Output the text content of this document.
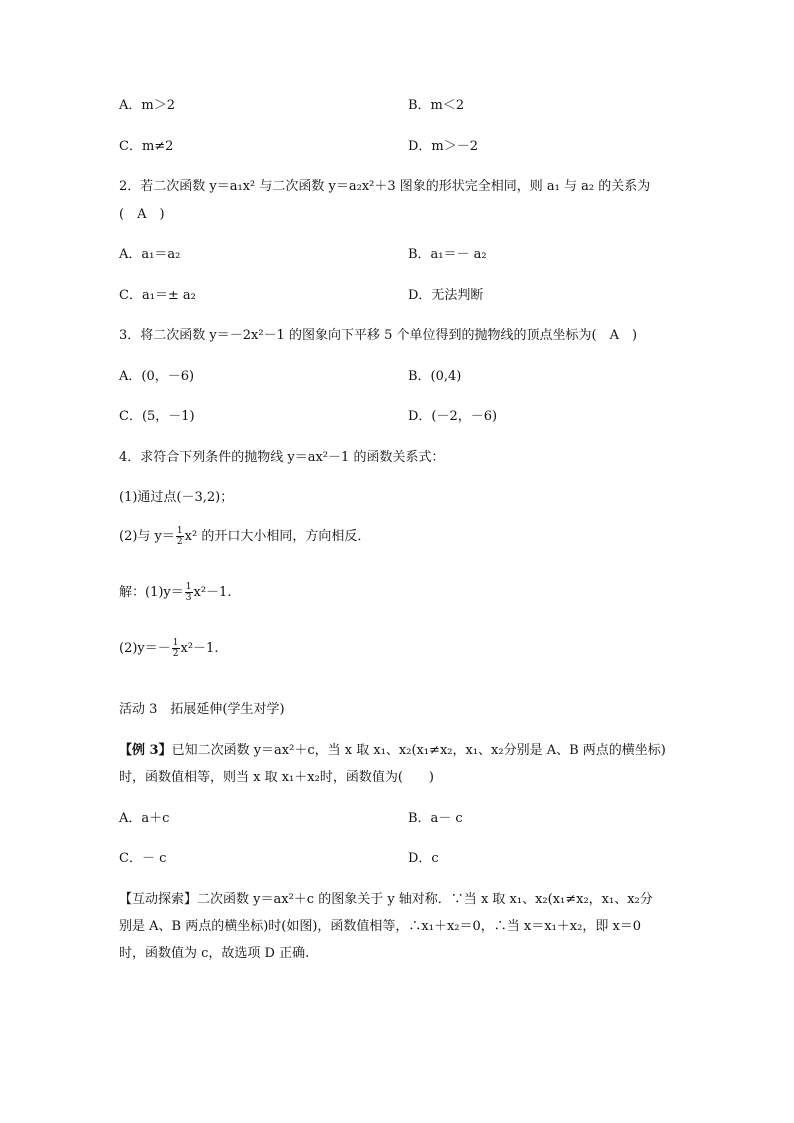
A．m＞2	B．m＜2
C．m≠2	D．m＞－2
2．若二次函数 y＝a₁x² 与二次函数 y＝a₂x²＋3 图象的形状完全相同，则 a₁ 与 a₂ 的关系为
(　A　)
A．a₁＝a₂	B．a₁＝－ a₂
C．a₁＝± a₂	D．无法判断
3．将二次函数 y＝－2x²－1 的图象向下平移 5 个单位得到的抛物线的顶点坐标为(　A　)
A．(0，－6)	B．(0,4)
C．(5，－1)	D．(－2，－6)
4．求符合下列条件的抛物线 y＝ax²－1 的函数关系式：
(1)通过点(－3,2)；
(2)与 $y= \frac{1}{2} x^2$ 的开口大小相同，方向相反．
解：$(1)y= \frac{1}{3} x^2-1$.
$(2)y=- \frac{1}{2} x^2-1$.
活动 3　拓展延伸(学生对学)
【例 3】已知二次函数 y＝ax²＋c，当 x 取 x₁、x₂(x₁≠x₂，x₁、x₂分别是 A、B 两点的横坐标)
时，函数值相等，则当 x 取 x₁＋x₂时，函数值为(　　)
A．a＋c	B．a－ c
C．－ c	D．c
【互动探索】二次函数 y＝ax²＋c 的图象关于 y 轴对称．∵当 x 取 x₁、x₂(x₁≠x₂，x₁、x₂分
别是 A、B 两点的横坐标)时(如图)，函数值相等，∴x₁＋x₂＝0，∴当 x＝x₁＋x₂，即 x＝0
时，函数值为 c，故选项 D 正确.
